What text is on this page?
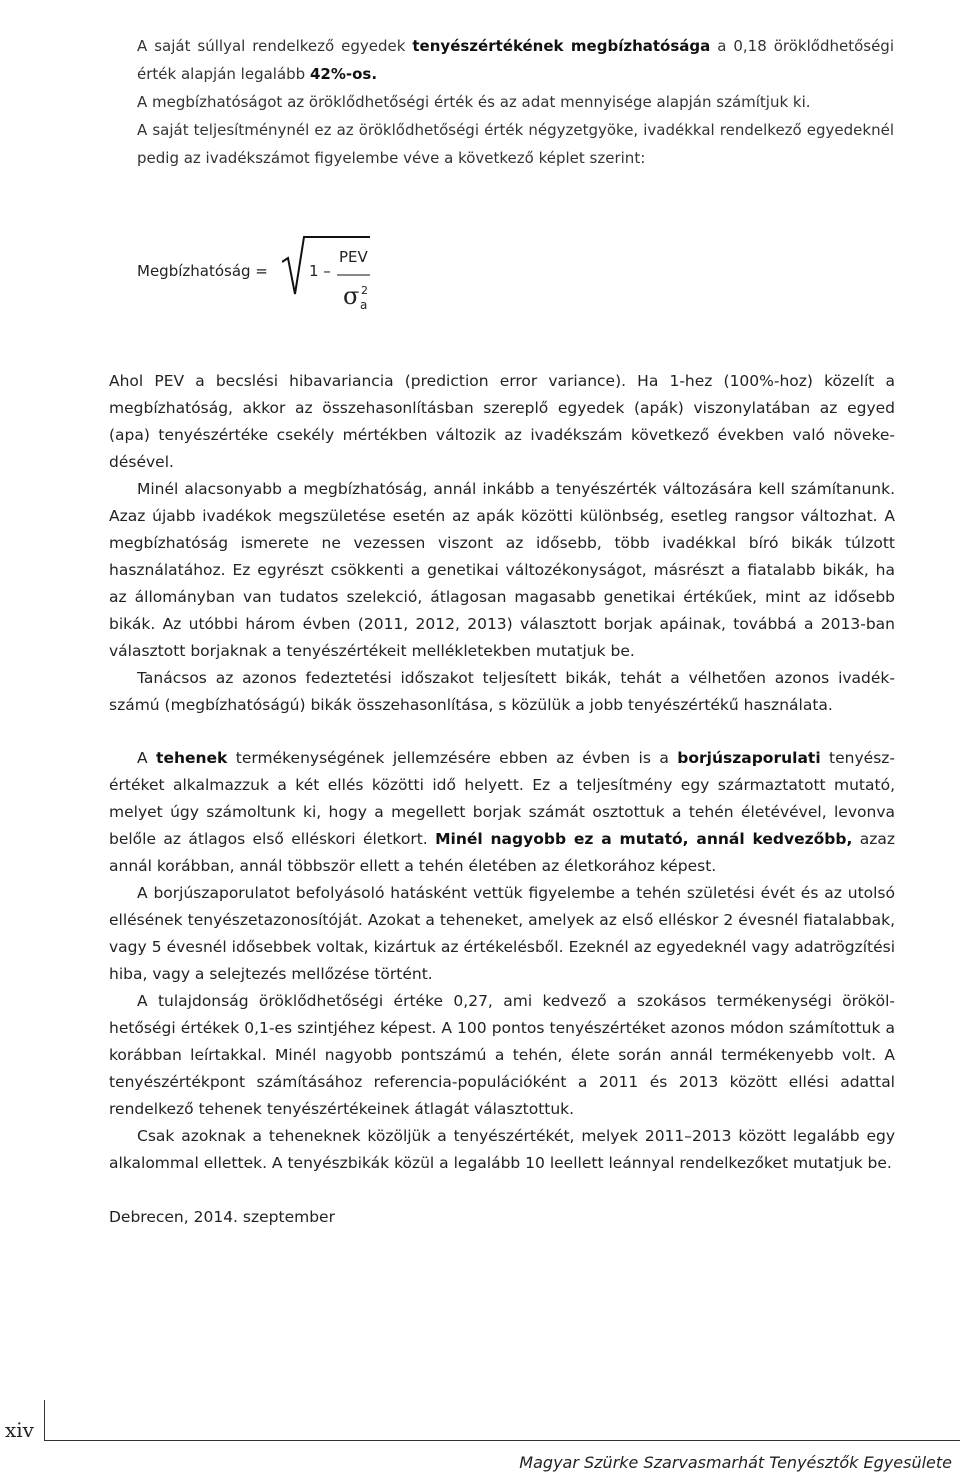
A saját súllyal rendelkező egyedek tenyészértékének megbízhatósága a 0,18 öröklődhetőségi érték alapján legalább 42%-os.
A megbízhatóságot az öröklődhetőségi érték és az adat mennyisége alapján számítjuk ki.
A saját teljesítménynél ez az öröklődhetőségi érték négyzetgyöke, ivadékkal rendelkező egyedeknél pedig az ivadékszámot figyelembe véve a következő képlet szerint:
Megbízhatóság =	1 –
PEV
σ 2
a

Ahol PEV a becslési hibavariancia (prediction error variance). Ha 1-hez (100%-hoz) közelít a megbízhatóság, akkor az összehasonlításban szereplő egyedek (apák) viszonylatában az egyed (apa) tenyészértéke csekély mértékben változik az ivadékszám következő években való növekedésével.

Minél alacsonyabb a megbízhatóság, annál inkább a tenyészérték változására kell számítanunk. Azaz újabb ivadékok megszületése esetén az apák közötti különbség, esetleg rangsor változhat. A megbízhatóság ismerete ne vezessen viszont az idősebb, több ivadékkal bíró bikák túlzott használatához. Ez egyrészt csökkenti a genetikai változékonyságot, másrészt a fiatalabb bikák, ha az állományban van tudatos szelekció, átlagosan magasabb genetikai értékűek, mint az idősebb bikák. Az utóbbi három évben (2011, 2012, 2013) választott borjak apáinak, továbbá a 2013-ban választott borjaknak a tenyészértékeit mellékletekben mutatjuk be.

Tanácsos az azonos fedeztetési időszakot teljesített bikák, tehát a vélhetően azonos ivadékszámú (megbízhatóságú) bikák összehasonlítása, s közülük a jobb tenyészértékű használata.

A tehenek termékenységének jellemzésére ebben az évben is a borjúszaporulati tenyészértéket alkalmazzuk a két ellés közötti idő helyett. Ez a teljesítmény egy származtatott mutató, melyet úgy számoltunk ki, hogy a megellett borjak számát osztottuk a tehén életévével, levonva belőle az átlagos első elléskori életkort. Minél nagyobb ez a mutató, annál kedvezőbb, azaz annál korábban, annál többször ellett a tehén életében az életkorához képest.

A borjúszaporulatot befolyásoló hatásként vettük figyelembe a tehén születési évét és az utolsó ellésének tenyészetazonosítóját. Azokat a teheneket, amelyek az első elléskor 2 évesnél fiatalabbak, vagy 5 évesnél idősebbek voltak, kizártuk az értékelésből. Ezeknél az egyedeknél vagy adatrögzítési hiba, vagy a selejtezés mellőzése történt.

A tulajdonság öröklődhetőségi értéke 0,27, ami kedvező a szokásos termékenységi örökölhetőségi értékek 0,1-es szintjéhez képest. A 100 pontos tenyészértéket azonos módon számítottuk a korábban leírtakkal. Minél nagyobb pontszámú a tehén, élete során annál termékenyebb volt. A tenyészértékpont számításához referencia-populációként a 2011 és 2013 között ellési adattal rendelkező tehenek tenyészértékeinek átlagát választottuk.

Csak azoknak a teheneknek közöljük a tenyészértékét, melyek 2011–2013 között legalább egy alkalommal ellettek. A tenyészbikák közül a legalább 10 leellett leánnyal rendelkezőket mutatjuk be.

Debrecen, 2014. szeptember

xiv
Magyar Szürke Szarvasmarhát Tenyésztők Egyesülete
